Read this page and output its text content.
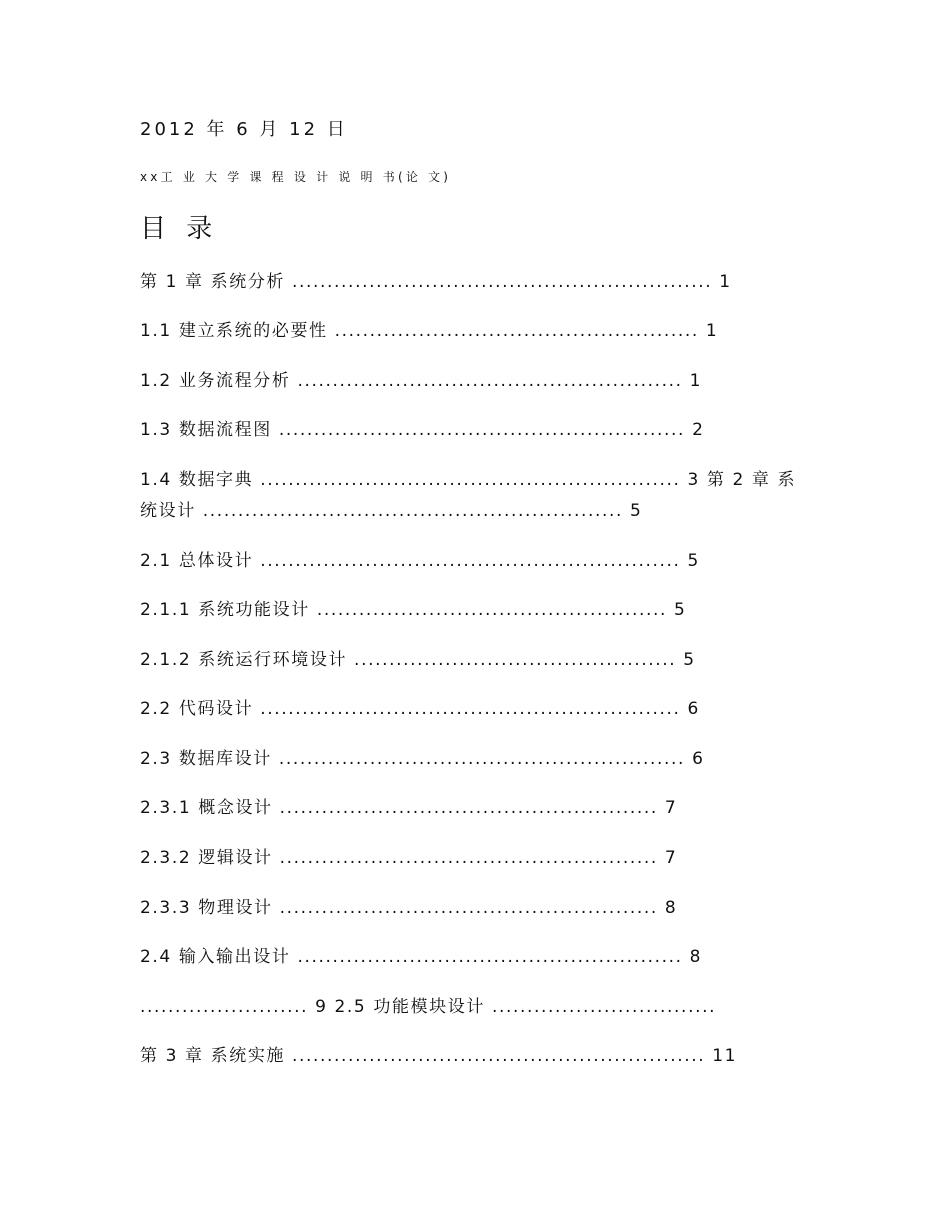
2012 年 6 月 12 日
xx工 业 大 学 课 程 设 计 说 明 书(论 文)
目 录
第 1 章 系统分析 ............................................................ 1
1.1 建立系统的必要性 .................................................... 1
1.2 业务流程分析 ....................................................... 1
1.3 数据流程图 .......................................................... 2
1.4 数据字典 ............................................................ 3 第 2 章 系统设计 ............................................................ 5
2.1 总体设计 ............................................................ 5
2.1.1 系统功能设计 .................................................. 5
2.1.2 系统运行环境设计 .............................................. 5
2.2 代码设计 ............................................................ 6
2.3 数据库设计 .......................................................... 6
2.3.1 概念设计 ...................................................... 7
2.3.2 逻辑设计 ...................................................... 7
2.3.3 物理设计 ...................................................... 8
2.4 输入输出设计 ....................................................... 8
........................ 9 2.5 功能模块设计 ................................
第 3 章 系统实施 ........................................................... 11
